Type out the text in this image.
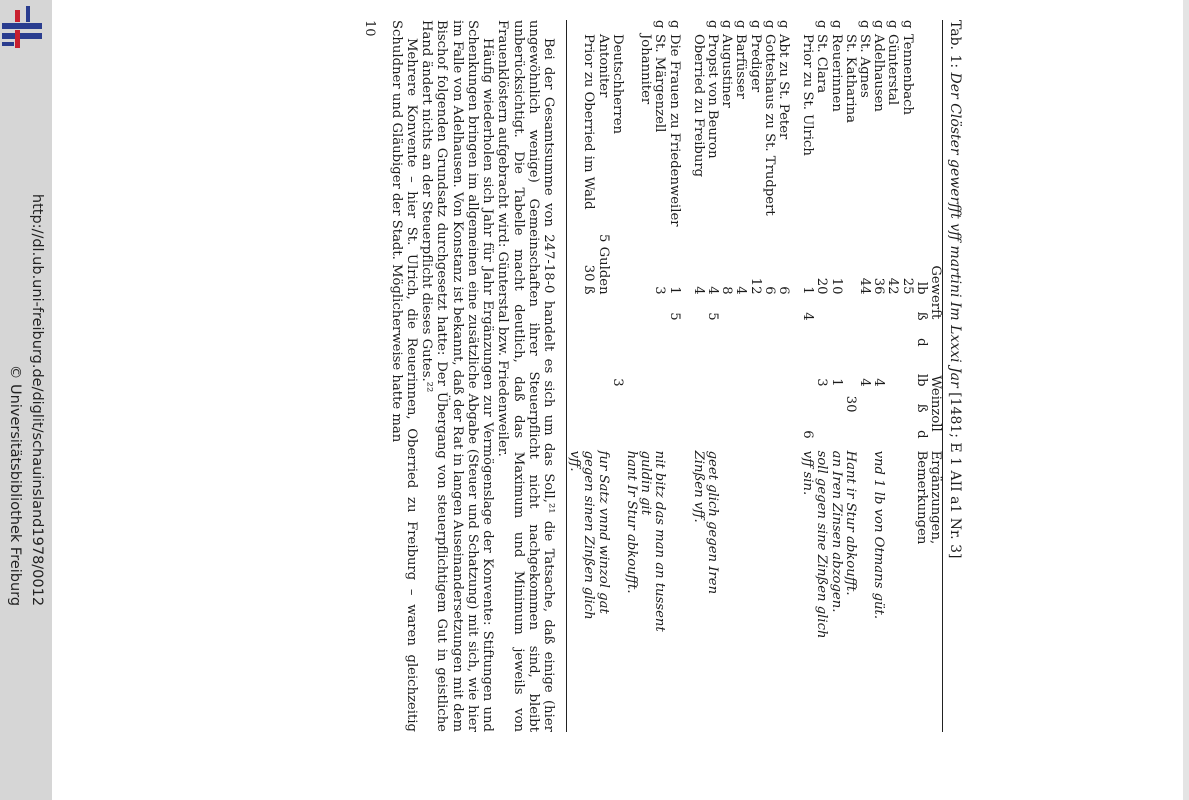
http://dl.ub.uni-freiburg.de/diglit/schauinsland1978/0012
© Universitätsbibliothek Freiburg
Tab. 1: Der Clöster gewerfft vff martini Im Lxxxi Jar [1481; E 1 AII a1 Nr. 3]
		Gewerft				Weinzoll			Ergänzungen,
		lb	ß	d		lb	ß	d	Bemerkungen
g	Tennenbach	25							
g	Günterstal	42							
g	Adelhausen	36				4			vnd 1 lb von Otmans güt.
g	St. Agnes	44				4			
	St. Katharina						30		Hant ir Stur abkoufft.
g	Reuerinnen	10				1			an Iren Zinsen abzogen.
g	St. Clara	20				3			soll gegen sine Zinßen glich
	Prior zu St. Ulrich	1	4					6	vff sin.

g	Abt zu St. Peter	6							
g	Gotteshaus zu St. Trudpert	6							
g	Prediger	12							
g	Barfüsser	4							
g	Augustiner	8							
g	Propst von Beuron	4	5						geet glich gegen Iren
	Oberried zu Freiburg	4							Zinßen vff.

g	Die Frauen zu Friedenweiler	1	5						
g	St. Märgenzell	3							nit bitz das man an tussent
	Johanniter								guldin git
									hant Ir Stur abkoufft.
	Deutschherren					3			
	Antoniter	5 Gulden							fur Satz vnnd winzol gat
	Prior zu Oberried im Wald	30 ß							gegen sinen Zinßen glich
									vff.

Bei der Gesamtsumme von 247-18-0 handelt es sich um das Soll,²¹ die Tatsache, daß einige (hier ungewöhnlich wenige) Gemeinschaften ihrer Steuerpflicht nicht nachgekommen sind, bleibt unberücksichtigt. Die Tabelle macht deutlich, daß das Maximum und Minimum jeweils von Frauenklöstern aufgebracht wird: Günterstal bzw. Friedenweiler.

Häufig wiederholen sich Jahr für Jahr Ergänzungen zur Vermögenslage der Konvente: Stiftungen und Schenkungen bringen im allgemeinen eine zusätzliche Abgabe (Steuer und Schatzung) mit sich, wie hier im Falle von Adelhausen. Von Konstanz ist bekannt, daß der Rat in langen Auseinandersetzungen mit dem Bischof folgenden Grundsatz durchgesetzt hatte: Der Übergang von steuerpflichtigem Gut in geistliche Hand ändert nichts an der Steuerpflicht dieses Gutes.²²

Mehrere Konvente – hier St. Ulrich, die Reuerinnen, Oberried zu Freiburg – waren gleichzeitig Schuldner und Gläubiger der Stadt. Möglicherweise hatte man

10
